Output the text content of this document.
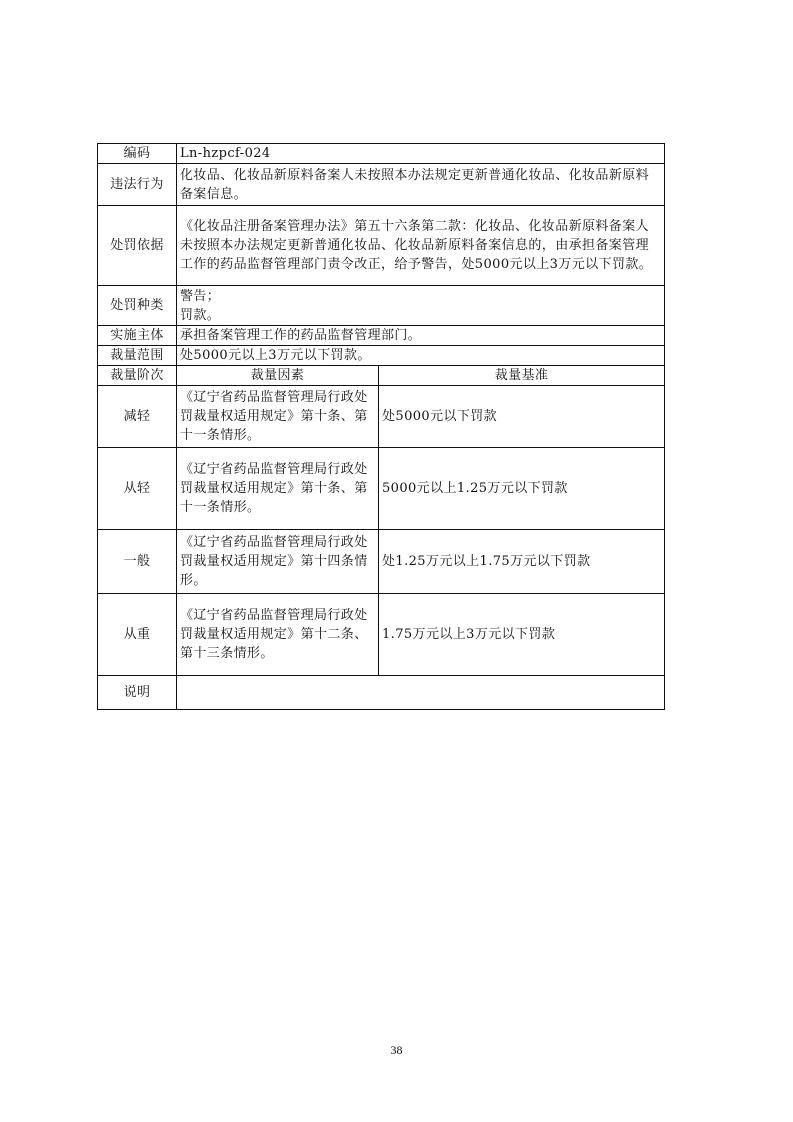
编码	Ln-hzpcf-024	
违法行为	化妆品、化妆品新原料备案人未按照本办法规定更新普通化妆品、化妆品新原料备案信息。	
处罚依据	《化妆品注册备案管理办法》第五十六条第二款：化妆品、化妆品新原料备案人未按照本办法规定更新普通化妆品、化妆品新原料备案信息的，由承担备案管理工作的药品监督管理部门责令改正，给予警告，处5000元以上3万元以下罚款。	
处罚种类	警告；
罚款。	

实施主体	承担备案管理工作的药品监督管理部门。	
裁量范围	处5000元以上3万元以下罚款。	
裁量阶次	裁量因素	裁量基准
减轻	《辽宁省药品监督管理局行政处罚裁量权适用规定》第十条、第十一条情形。	处5000元以下罚款
从轻	《辽宁省药品监督管理局行政处罚裁量权适用规定》第十条、第十一条情形。	5000元以上1.25万元以下罚款
一般	《辽宁省药品监督管理局行政处罚裁量权适用规定》第十四条情形。	处1.25万元以上1.75万元以下罚款
从重	《辽宁省药品监督管理局行政处罚裁量权适用规定》第十二条、第十三条情形。	1.75万元以上3万元以下罚款
说明		
38
